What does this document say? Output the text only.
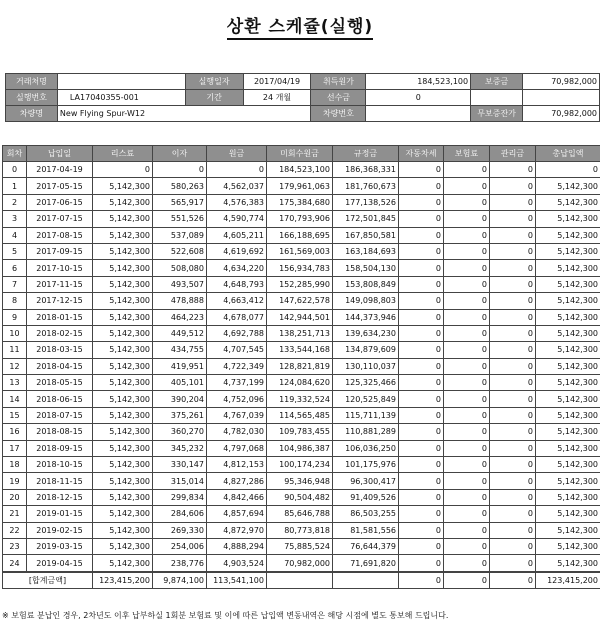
상환 스케쥴(실행)
거래처명		실행일자	2017/04/19	취득원가	184,523,100	보증금	70,982,000
실행번호	LA17040355-001	기간	24 개월	선수금	0		
차량명	New Flying Spur-W12			차량번호		무보증잔가	70,982,000
회차	납입일	리스료	이자	원금	미회수원금	규정금	자동차세	보험료	관리금	총납입액
0	2017-04-19	0	0	0	184,523,100	186,368,331	0	0	0	0
1	2017-05-15	5,142,300	580,263	4,562,037	179,961,063	181,760,673	0	0	0	5,142,300
2	2017-06-15	5,142,300	565,917	4,576,383	175,384,680	177,138,526	0	0	0	5,142,300
3	2017-07-15	5,142,300	551,526	4,590,774	170,793,906	172,501,845	0	0	0	5,142,300
4	2017-08-15	5,142,300	537,089	4,605,211	166,188,695	167,850,581	0	0	0	5,142,300
5	2017-09-15	5,142,300	522,608	4,619,692	161,569,003	163,184,693	0	0	0	5,142,300
6	2017-10-15	5,142,300	508,080	4,634,220	156,934,783	158,504,130	0	0	0	5,142,300
7	2017-11-15	5,142,300	493,507	4,648,793	152,285,990	153,808,849	0	0	0	5,142,300
8	2017-12-15	5,142,300	478,888	4,663,412	147,622,578	149,098,803	0	0	0	5,142,300
9	2018-01-15	5,142,300	464,223	4,678,077	142,944,501	144,373,946	0	0	0	5,142,300
10	2018-02-15	5,142,300	449,512	4,692,788	138,251,713	139,634,230	0	0	0	5,142,300
11	2018-03-15	5,142,300	434,755	4,707,545	133,544,168	134,879,609	0	0	0	5,142,300
12	2018-04-15	5,142,300	419,951	4,722,349	128,821,819	130,110,037	0	0	0	5,142,300
13	2018-05-15	5,142,300	405,101	4,737,199	124,084,620	125,325,466	0	0	0	5,142,300
14	2018-06-15	5,142,300	390,204	4,752,096	119,332,524	120,525,849	0	0	0	5,142,300
15	2018-07-15	5,142,300	375,261	4,767,039	114,565,485	115,711,139	0	0	0	5,142,300
16	2018-08-15	5,142,300	360,270	4,782,030	109,783,455	110,881,289	0	0	0	5,142,300
17	2018-09-15	5,142,300	345,232	4,797,068	104,986,387	106,036,250	0	0	0	5,142,300
18	2018-10-15	5,142,300	330,147	4,812,153	100,174,234	101,175,976	0	0	0	5,142,300
19	2018-11-15	5,142,300	315,014	4,827,286	95,346,948	96,300,417	0	0	0	5,142,300
20	2018-12-15	5,142,300	299,834	4,842,466	90,504,482	91,409,526	0	0	0	5,142,300
21	2019-01-15	5,142,300	284,606	4,857,694	85,646,788	86,503,255	0	0	0	5,142,300
22	2019-02-15	5,142,300	269,330	4,872,970	80,773,818	81,581,556	0	0	0	5,142,300
23	2019-03-15	5,142,300	254,006	4,888,294	75,885,524	76,644,379	0	0	0	5,142,300
24	2019-04-15	5,142,300	238,776	4,903,524	70,982,000	71,691,820	0	0	0	5,142,300
[합계금액]		123,415,200	9,874,100	113,541,100			0	0	0	123,415,200
※ 보험료 분납인 경우, 2차년도 이후 납부하실 1회분 보험료 및 이에 따른 납입액 변동내역은 해당 시점에 별도 통보해 드립니다.
